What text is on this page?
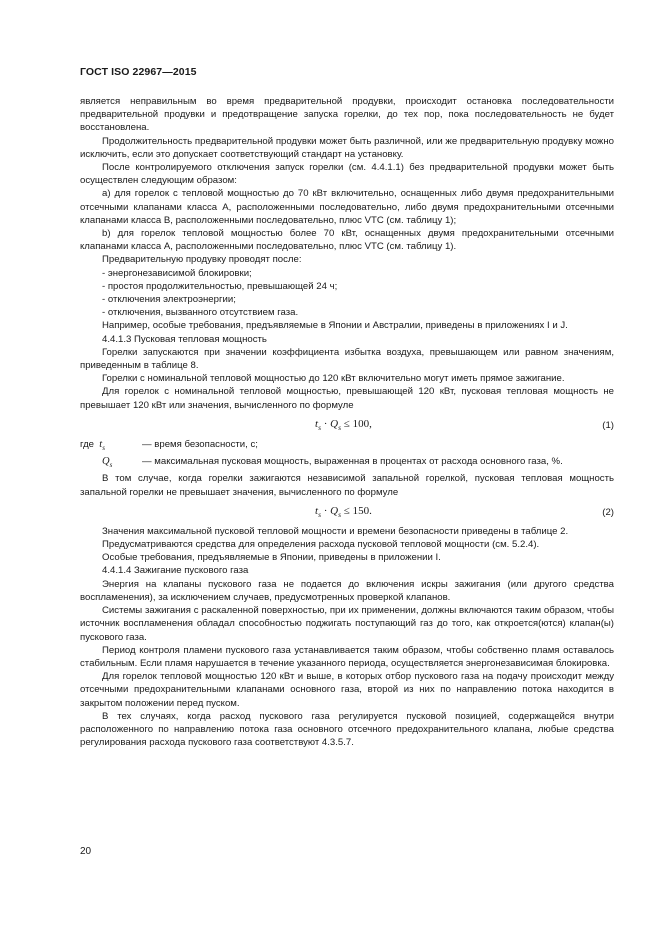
ГОСТ ISO 22967—2015

является неправильным во время предварительной продувки, происходит остановка последовательности предварительной продувки и предотвращение запуска горелки, до тех пор, пока последовательность не будет восстановлена.

Продолжительность предварительной продувки может быть различной, или же предварительную продувку можно исключить, если это допускает соответствующий стандарт на установку.

После контролируемого отключения запуск горелки (см. 4.4.1.1) без предварительной продувки может быть осуществлен следующим образом:

a) для горелок с тепловой мощностью до 70 кВт включительно, оснащенных либо двумя предохранительными отсечными клапанами класса А, расположенными последовательно, либо двумя предохранительными отсечными клапанами класса В, расположенными последовательно, плюс VTC (см. таблицу 1);

b) для горелок тепловой мощностью более 70 кВт, оснащенных двумя предохранительными отсечными клапанами класса А, расположенными последовательно, плюс VTC (см. таблицу 1).

Предварительную продувку проводят после:

- энергонезависимой блокировки;

- простоя продолжительностью, превышающей 24 ч;

- отключения электроэнергии;

- отключения, вызванного отсутствием газа.

Например, особые требования, предъявляемые в Японии и Австралии, приведены в приложениях I и J.

4.4.1.3 Пусковая тепловая мощность

Горелки запускаются при значении коэффициента избытка воздуха, превышающем или равном значениям, приведенным в таблице 8.

Горелки с номинальной тепловой мощностью до 120 кВт включительно могут иметь прямое зажигание.

Для горелок с номинальной тепловой мощностью, превышающей 120 кВт, пусковая тепловая мощность не превышает 120 кВт или значения, вычисленного по формуле

$t_s \cdot Q_s \le 100$,	(1)
где $t_s$	— время безопасности, с;
$Q_s$	— максимальная пусковая мощность, выраженная в процентах от расхода основного газа, %.

В том случае, когда горелки зажигаются независимой запальной горелкой, пусковая тепловая мощность запальной горелки не превышает значения, вычисленного по формуле

$t_s \cdot Q_s \le 150$.	(2)

Значения максимальной пусковой тепловой мощности и времени безопасности приведены в таблице 2.

Предусматриваются средства для определения расхода пусковой тепловой мощности (см. 5.2.4).

Особые требования, предъявляемые в Японии, приведены в приложении I.

4.4.1.4 Зажигание пускового газа

Энергия на клапаны пускового газа не подается до включения искры зажигания (или другого средства воспламенения), за исключением случаев, предусмотренных проверкой клапанов.

Системы зажигания с раскаленной поверхностью, при их применении, должны включаются таким образом, чтобы источник воспламенения обладал способностью поджигать поступающий газ до того, как откроется(ются) клапан(ы) пускового газа.

Период контроля пламени пускового газа устанавливается таким образом, чтобы собственно пламя оставалось стабильным. Если пламя нарушается в течение указанного периода, осуществляется энергонезависимая блокировка.

Для горелок тепловой мощностью 120 кВт и выше, в которых отбор пускового газа на подачу происходит между отсечными предохранительными клапанами основного газа, второй из них по направлению потока находится в закрытом положении перед пуском.

В тех случаях, когда расход пускового газа регулируется пусковой позицией, содержащейся внутри расположенного по направлению потока газа основного отсечного предохранительного клапана, любые средства регулирования расхода пускового газа соответствуют 4.3.5.7.

20
